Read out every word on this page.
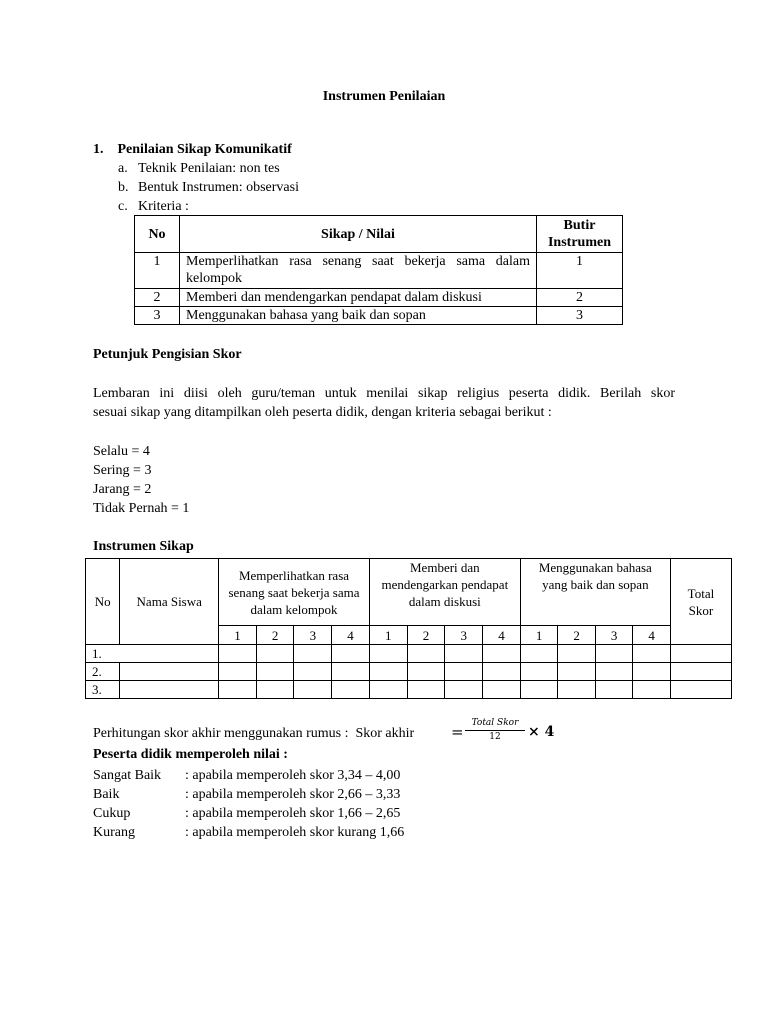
Instrumen Penilaian
1.    Penilaian Sikap Komunikatif
a. Teknik Penilaian: non tes
b. Bentuk Instrumen: observasi
c. Kriteria :
No	Sikap / Nilai	Butir Instrumen
1	Memperlihatkan rasa senang saat bekerja sama dalam kelompok	1
2	Memberi dan mendengarkan pendapat dalam diskusi	2
3	Menggunakan bahasa yang baik dan sopan	3
Petunjuk Pengisian Skor
Lembaran ini diisi oleh guru/teman untuk menilai sikap religius peserta didik. Berilah skor
sesuai sikap yang ditampilkan oleh peserta didik, dengan kriteria sebagai berikut :
Selalu = 4
Sering = 3
Jarang = 2
Tidak Pernah = 1
Instrumen Sikap
No	Nama Siswa	Memperlihatkan rasa senang saat bekerja sama dalam kelompok				Memberi dan mendengarkan pendapat dalam diskusi				Menggunakan bahasa yang baik dan sopan				Total Skor
		1	2	3	4	1	2	3	4	1	2	3	4	
1.														
2.														
3.														
Perhitungan skor akhir menggunakan rumus :  Skor akhir = Total Skor
12	× 4
Peserta didik memperoleh nilai :
Sangat Baik : apabila memperoleh skor 3,34 – 4,00
Baik	: apabila memperoleh skor 2,66 – 3,33
Cukup	: apabila memperoleh skor 1,66 – 2,65
Kurang	: apabila memperoleh skor kurang 1,66
